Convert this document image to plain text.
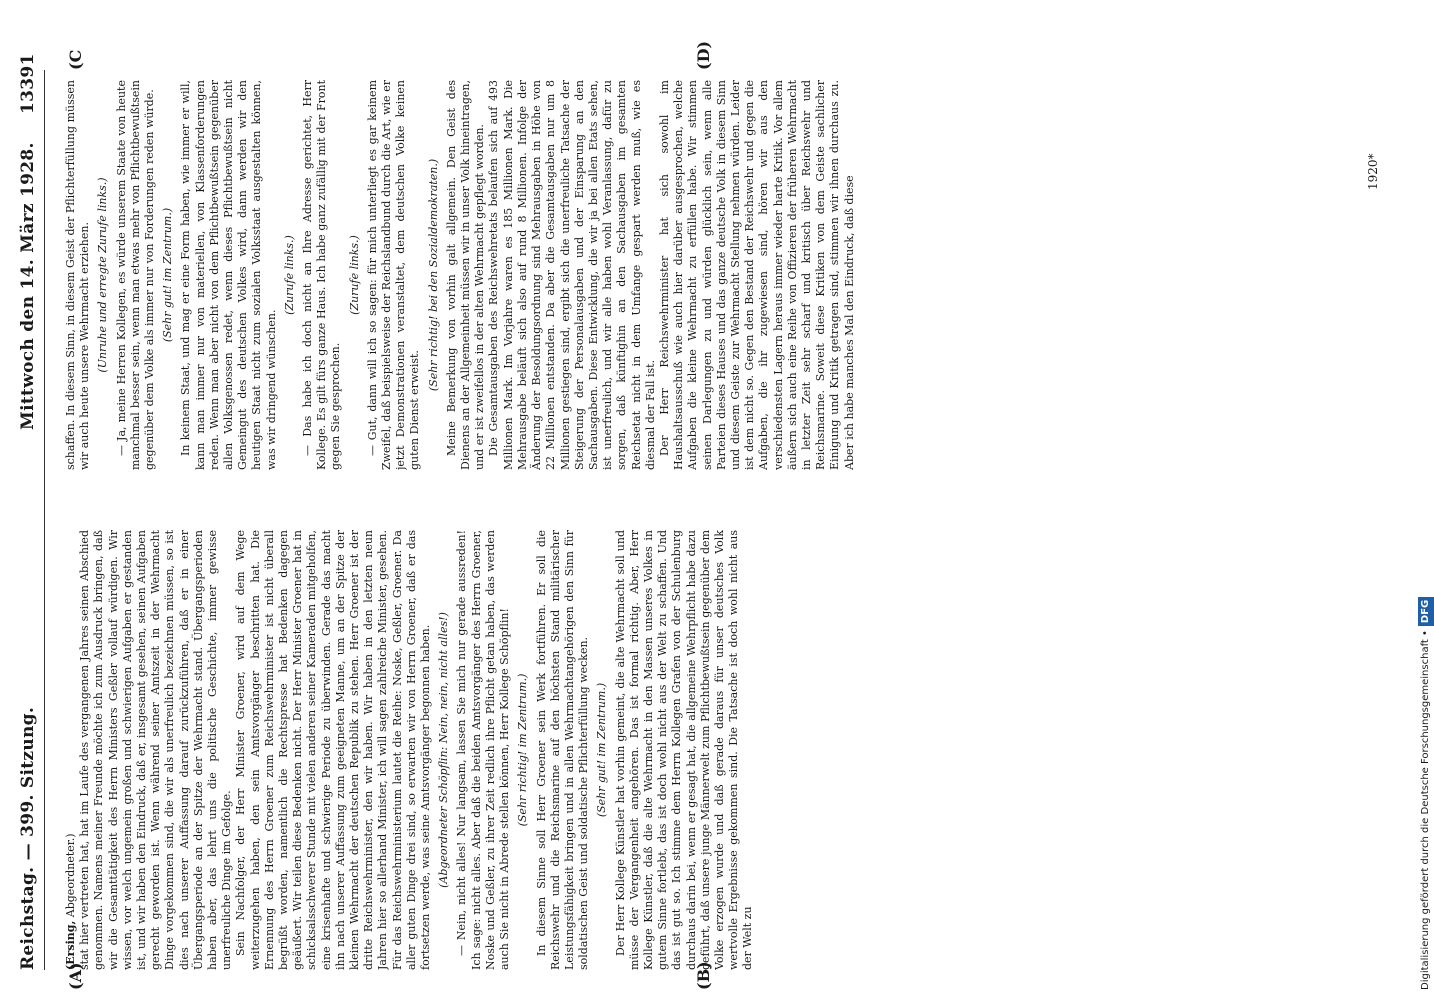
Reichstag. — 399. Sitzung.
Mittwoch den 14. März 1928.
13391
(A)	(B)
(C	(D)

(Ersing, Abgeordneter.) stat hier vertreten hat, hat im Laufe des vergangenen Jahres seinen Abschied genommen. Namens meiner Freunde möchte ich zum Ausdruck bringen, daß wir die Gesamttätigkeit des Herrn Ministers Geßler vollauf würdigen. Wir wissen, vor welch ungemein großen und schwierigen Aufgaben er gestanden ist, und wir haben den Eindruck, daß er, insgesamt gesehen, seinen Aufgaben gerecht geworden ist. Wenn während seiner Amtszeit in der Wehrmacht Dinge vorgekommen sind, die wir als unerfreulich bezeichnen müssen, so ist dies nach unserer Auffassung darauf zurückzuführen, daß er in einer Übergangsperiode an der Spitze der Wehrmacht stand. Übergangsperioden haben aber, das lehrt uns die politische Geschichte, immer gewisse unerfreuliche Dinge im Gefolge. Sein Nachfolger, der Herr Minister Groener, wird auf dem Wege weiterzugehen haben, den sein Amtsvorgänger beschritten hat. Die Ernennung des Herrn Groener zum Reichswehrminister ist nicht überall begrüßt worden, namentlich die Rechtspresse hat Bedenken dagegen geäußert. Wir teilen diese Bedenken nicht. Der Herr Minister Groener hat in schicksalsschwerer Stunde mit vielen anderen seiner Kameraden mitgeholfen, eine krisenhafte und schwierige Periode zu überwinden. Gerade das macht ihn nach unserer Auffassung zum geeigneten Manne, um an der Spitze der kleinen Wehrmacht der deutschen Republik zu stehen. Herr Groener ist der dritte Reichswehrminister, den wir haben. Wir haben in den letzten neun Jahren hier so allerhand Minister, ich will sagen zahlreiche Minister, gesehen. Für das Reichswehrministerium lautet die Reihe: Noske, Geßler, Groener. Da aller guten Dinge drei sind, so erwarten wir von Herrn Groener, daß er das fortsetzen werde, was seine Amtsvorgänger begonnen haben. (Abgeordneter Schöpflin: Nein, nein, nicht alles!) — Nein, nicht alles! Nur langsam, lassen Sie mich nur gerade aussreden! Ich sage: nicht alles. Aber daß die beiden Amtsvorgänger des Herrn Groener, Noske und Geßler, zu ihrer Zeit redlich ihre Pflicht getan haben, das werden auch Sie nicht in Abrede stellen können, Herr Kollege Schöpflin! (Sehr richtig! im Zentrum.) In diesem Sinne soll Herr Groener sein Werk fortführen. Er soll die Reichswehr und die Reichsmarine auf den höchsten Stand militärischer Leistungsfähigkeit bringen und in allen Wehrmachtangehörigen den Sinn für soldatischen Geist und soldatische Pflichterfüllung wecken. (Sehr gut! im Zentrum.) Der Herr Kollege Künstler hat vorhin gemeint, die alte Wehrmacht soll und müsse der Vergangenheit angehören. Das ist formal richtig. Aber, Herr Kollege Künstler, daß die alte Wehrmacht in den Massen unseres Volkes in gutem Sinne fortlebt, das ist doch wohl nicht aus der Welt zu schaffen. Und das ist gut so. Ich stimme dem Herrn Kollegen Grafen von der Schulenburg durchaus darin bei, wenn er gesagt hat, die allgemeine Wehrpflicht habe dazu geführt, daß unsere junge Männerwelt zum Pflichtbewußtsein gegenüber dem Volke erzogen wurde und daß gerade daraus für unser deutsches Volk wertvolle Ergebnisse gekommen sind. Die Tatsache ist doch wohl nicht aus der Welt zu

schaffen. In diesem Sinn, in diesem Geist der Pflichterfüllung müssen wir auch heute unsere Wehrmacht erziehen. (Unruhe und erregte Zurufe links.) — Ja, meine Herren Kollegen, es würde unserem Staate von heute manchmal besser sein, wenn man etwas mehr von Pflichtbewußtsein gegenüber dem Volke als immer nur von Forderungen reden würde. (Sehr gut! im Zentrum.) In keinem Staat, und mag er eine Form haben, wie immer er will, kann man immer nur von materiellen, von Klassenforderungen reden. Wenn man aber nicht von dem Pflichtbewußtsein gegenüber allen Volksgenossen redet, wenn dieses Pflichtbewußtsein nicht Gemeingut des deutschen Volkes wird, dann werden wir den heutigen Staat nicht zum sozialen Volksstaat ausgestalten können, was wir dringend wünschen.

(Zurufe links.) — Das habe ich doch nicht an Ihre Adresse gerichtet, Herr Kollege. Es gilt fürs ganze Haus. Ich habe ganz zufällig mit der Front gegen Sie gesprochen.

(Zurufe links.) — Gut, dann will ich so sagen: für mich unterliegt es gar keinem Zweifel, daß beispielsweise der Reichslandbund durch die Art, wie er jetzt Demonstrationen veranstaltet, dem deutschen Volke keinen guten Dienst erweist.

(Sehr richtig! bei den Sozialdemokraten.) Meine Bemerkung von vorhin galt allgemein. Den Geist des Dienens an der Allgemeinheit müssen wir in unser Volk hineintragen, und er ist zweifellos in der alten Wehrmacht gepflegt worden. Die Gesamtausgaben des Reichswehretats belaufen sich auf 493 Millionen Mark. Im Vorjahre waren es 185 Millionen Mark. Die Mehrausgabe beläuft sich also auf rund 8 Millionen. Infolge der Änderung der Besoldungsordnung sind Mehrausgaben in Höhe von 22 Millionen entstanden. Da aber die Gesamtausgaben nur um 8 Millionen gestiegen sind, ergibt sich die unerfreuliche Tatsache der Steigerung der Personalausgaben und der Einsparung an den Sachausgaben. Diese Entwicklung, die wir ja bei allen Etats sehen, ist unerfreulich, und wir alle haben wohl Veranlassung, dafür zu sorgen, daß künftighin an den Sachausgaben im gesamten Reichsetat nicht in dem Umfange gespart werden muß, wie es diesmal der Fall ist. Der Herr Reichswehrminister hat sich sowohl im Haushaltsausschuß wie auch hier darüber ausgesprochen, welche Aufgaben die kleine Wehrmacht zu erfüllen habe. Wir stimmen seinen Darlegungen zu und würden glücklich sein, wenn alle Parteien dieses Hauses und das ganze deutsche Volk in diesem Sinn und diesem Geiste zur Wehrmacht Stellung nehmen würden. Leider ist dem nicht so. Gegen den Bestand der Reichswehr und gegen die Aufgaben, die ihr zugewiesen sind, hören wir aus den verschiedensten Lagern heraus immer wieder harte Kritik. Vor allem äußern sich auch eine Reihe von Offizieren der früheren Wehrmacht in letzter Zeit sehr scharf und kritisch über Reichswehr und Reichsmarine. Soweit diese Kritiken von dem Geiste sachlicher Einigung und Kritik getragen sind, stimmen wir ihnen durchaus zu. Aber ich habe manches Mal den Eindruck, daß diese

1920*
Digitalisierung gefördert durch die Deutsche Forschungsgemeinschaft •DFG
